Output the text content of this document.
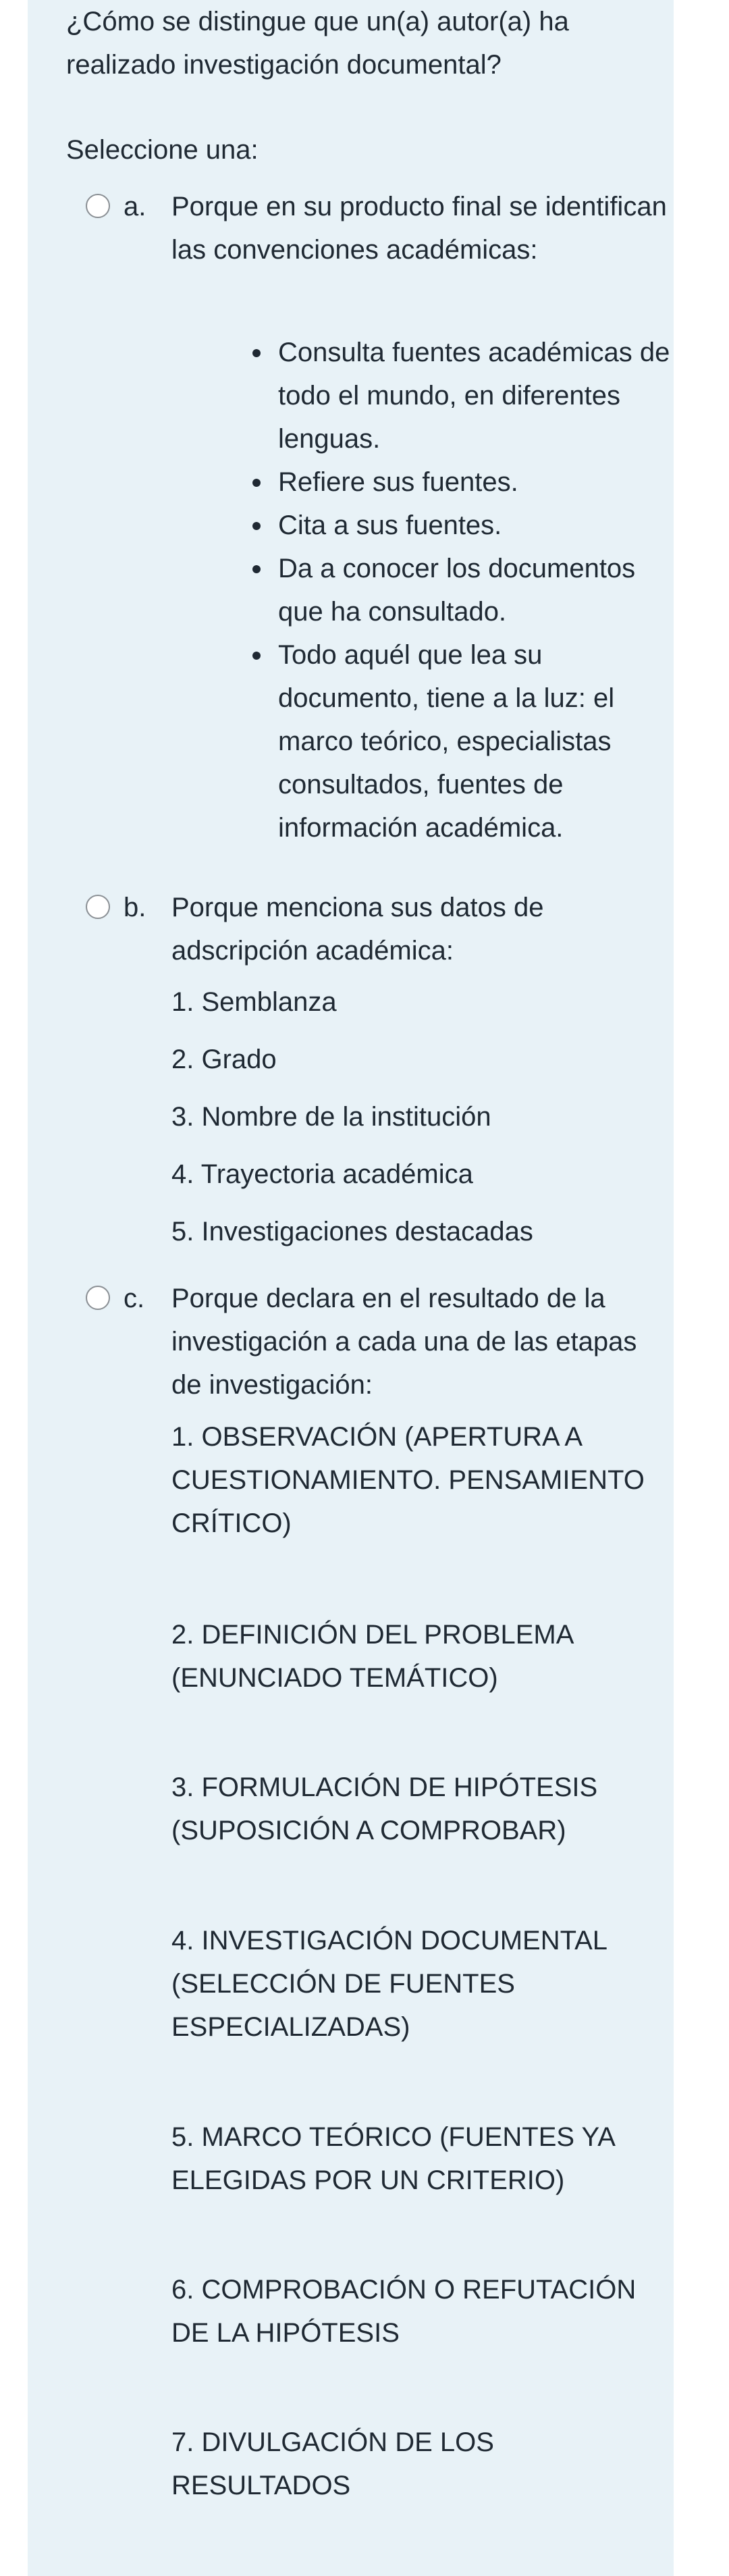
¿Cómo se distingue que un(a) autor(a) ha realizado investigación documental?
Seleccione una:
a. Porque en su producto final se identifican las convenciones académicas:
Consulta fuentes académicas de todo el mundo, en diferentes lenguas.
Refiere sus fuentes.
Cita a sus fuentes.
Da a conocer los documentos que ha consultado.
Todo aquél que lea su documento, tiene a la luz: el marco teórico, especialistas consultados, fuentes de información académica.
b. Porque menciona sus datos de adscripción académica:
1. Semblanza
2. Grado
3. Nombre de la institución
4. Trayectoria académica
5. Investigaciones destacadas
c. Porque declara en el resultado de la investigación a cada una de las etapas de investigación:
1. OBSERVACIÓN (APERTURA A CUESTIONAMIENTO. PENSAMIENTO CRÍTICO)
2. DEFINICIÓN DEL PROBLEMA (ENUNCIADO TEMÁTICO)
3. FORMULACIÓN DE HIPÓTESIS (SUPOSICIÓN A COMPROBAR)
4. INVESTIGACIÓN DOCUMENTAL (SELECCIÓN DE FUENTES ESPECIALIZADAS)
5. MARCO TEÓRICO (FUENTES YA ELEGIDAS POR UN CRITERIO)
6. COMPROBACIÓN O REFUTACIÓN DE LA HIPÓTESIS
7. DIVULGACIÓN DE LOS RESULTADOS
